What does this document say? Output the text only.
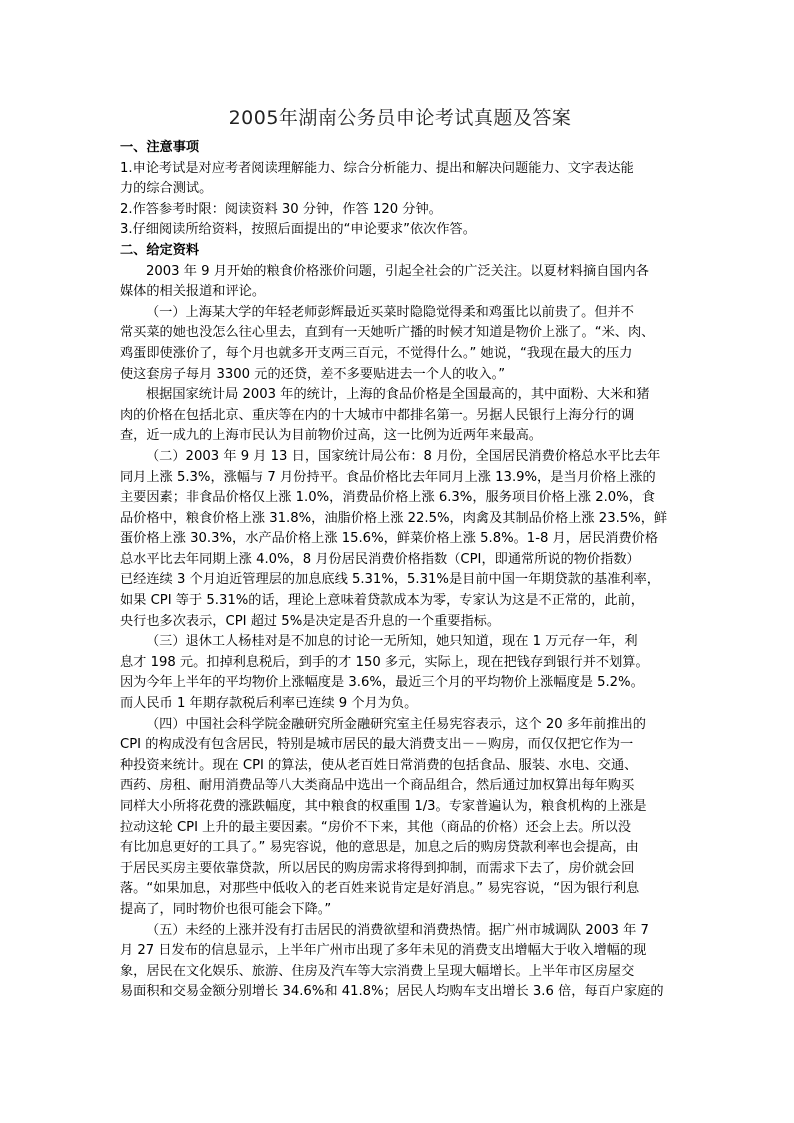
2005年湖南公务员申论考试真题及答案
一、注意事项
1.申论考试是对应考者阅读理解能力、综合分析能力、提出和解决问题能力、文字表达能
力的综合测试。
2.作答参考时限：阅读资料 30 分钟，作答 120 分钟。
3.仔细阅读所给资料，按照后面提出的“申论要求”依次作答。
二、给定资料
2003 年 9 月开始的粮食价格涨价问题，引起全社会的广泛关注。以夏材料摘自国内各
媒体的相关报道和评论。
（一）上海某大学的年轻老师彭辉最近买菜时隐隐觉得柔和鸡蛋比以前贵了。但并不
常买菜的她也没怎么往心里去，直到有一天她听广播的时候才知道是物价上涨了。“米、肉、
鸡蛋即使涨价了，每个月也就多开支两三百元，不觉得什么。” 她说，“我现在最大的压力
使这套房子每月 3300 元的还贷，差不多要贴进去一个人的收入。”
根据国家统计局 2003 年的统计，上海的食品价格是全国最高的，其中面粉、大米和猪
肉的价格在包括北京、重庆等在内的十大城市中都排名第一。另据人民银行上海分行的调
查，近一成九的上海市民认为目前物价过高，这一比例为近两年来最高。
（二）2003 年 9 月 13 日，国家统计局公布：8 月份，全国居民消费价格总水平比去年
同月上涨 5.3%，涨幅与 7 月份持平。食品价格比去年同月上涨 13.9%，是当月价格上涨的
主要因素；非食品价格仅上涨 1.0%，消费品价格上涨 6.3%，服务项目价格上涨 2.0%，食
品价格中，粮食价格上涨 31.8%，油脂价格上涨 22.5%，肉禽及其制品价格上涨 23.5%，鲜
蛋价格上涨 30.3%，水产品价格上涨 15.6%，鲜菜价格上涨 5.8%。1-8 月，居民消费价格
总水平比去年同期上涨 4.0%，8 月份居民消费价格指数（CPI，即通常所说的物价指数）
已经连续 3 个月迫近管理层的加息底线 5.31%，5.31%是目前中国一年期贷款的基准利率，
如果 CPI 等于 5.31%的话，理论上意味着贷款成本为零，专家认为这是不正常的，此前，
央行也多次表示，CPI 超过 5%是决定是否升息的一个重要指标。
（三）退休工人杨桂对是不加息的讨论一无所知，她只知道，现在 1 万元存一年，利
息才 198 元。扣掉利息税后，到手的才 150 多元，实际上，现在把钱存到银行并不划算。
因为今年上半年的平均物价上涨幅度是 3.6%，最近三个月的平均物价上涨幅度是 5.2%。
而人民币 1 年期存款税后利率已连续 9 个月为负。
（四）中国社会科学院金融研究所金融研究室主任易宪容表示，这个 20 多年前推出的
CPI 的构成没有包含居民，特别是城市居民的最大消费支出－－购房，而仅仅把它作为一
种投资来统计。现在 CPI 的算法，使从老百姓日常消费的包括食品、服装、水电、交通、
西药、房租、耐用消费品等八大类商品中选出一个商品组合，然后通过加权算出每年购买
同样大小所将花费的涨跌幅度，其中粮食的权重围 1/3。专家普遍认为，粮食机构的上涨是
拉动这轮 CPI 上升的最主要因素。“房价不下来，其他（商品的价格）还会上去。所以没
有比加息更好的工具了。” 易宪容说，他的意思是，加息之后的购房贷款利率也会提高，由
于居民买房主要依靠贷款，所以居民的购房需求将得到抑制，而需求下去了，房价就会回
落。“如果加息，对那些中低收入的老百姓来说肯定是好消息。” 易宪容说，“因为银行利息
提高了，同时物价也很可能会下降。”
（五）未经的上涨并没有打击居民的消费欲望和消费热情。据广州市城调队 2003 年 7
月 27 日发布的信息显示，上半年广州市出现了多年未见的消费支出增幅大于收入增幅的现
象，居民在文化娱乐、旅游、住房及汽车等大宗消费上呈现大幅增长。上半年市区房屋交
易面积和交易金额分别增长 34.6%和 41.8%；居民人均购车支出增长 3.6 倍，每百户家庭的
